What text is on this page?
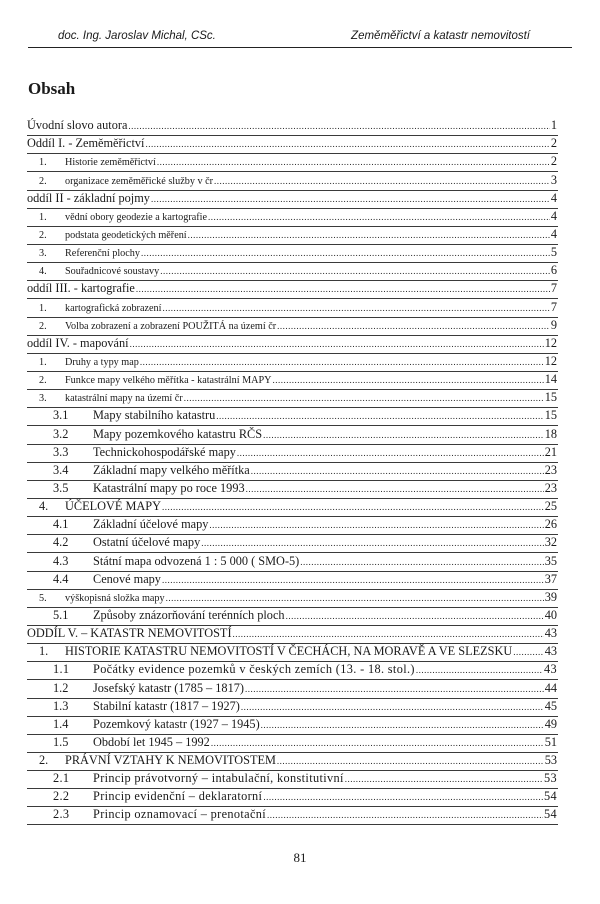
doc. Ing. Jaroslav Michal, CSc.	Zeměměřictví a katastr nemovitostí
Obsah
Úvodní slovo autora .....	1
Oddíl I. - Zeměměřictví .....	2
1.	Historie zeměměřictví .....	2
2.	organizace zeměměřické služby v čr .....	3
oddíl II - základní pojmy .....	4
1.	vědní obory geodezie a kartografie .....	4
2.	podstata geodetických měření .....	4
3.	Referenční plochy .....	5
4.	Souřadnicové soustavy .....	6
oddíl III. - kartografie .....	7
1.	kartografická zobrazení .....	7
2.	Volba zobrazení a zobrazení POUŽITÁ na území čr .....	9
oddíl IV. - mapování .....	12
1.	Druhy a typy map .....	12
2.	Funkce mapy velkého měřítka - katastrální MAPY .....	14
3.	katastrální mapy na území čr .....	15
3.1	Mapy stabilního katastru .....	15
3.2	Mapy pozemkového katastru RČS .....	18
3.3	Technickohospodářské mapy .....	21
3.4	Základní mapy velkého měřítka .....	23
3.5	Katastrální mapy po roce 1993 .....	23
4.	ÚČELOVÉ MAPY .....	25
4.1	Základní účelové mapy .....	26
4.2	Ostatní účelové mapy .....	32
4.3	Státní mapa odvozená 1 : 5 000 ( SMO-5) .....	35
4.4	Cenové mapy .....	37
5.	výškopisná složka mapy .....	39
5.1	Způsoby znázorňování terénních ploch .....	40
ODDÍL V. – KATASTR NEMOVITOSTÍ .....	43
1.	HISTORIE KATASTRU NEMOVITOSTÍ V ČECHÁCH, NA MORAVĚ A VE SLEZSKU .....	43
1.1	Počátky evidence pozemků v českých zemích (13. - 18. stol.) .....	43
1.2	Josefský katastr (1785 – 1817) .....	44
1.3	Stabilní katastr (1817 – 1927) .....	45
1.4	Pozemkový katastr (1927 – 1945) .....	49
1.5	Období let 1945 – 1992 .....	51
2.	PRÁVNÍ VZTAHY K NEMOVITOSTEM .....	53
2.1	Princip právotvorný – intabulační, konstitutivní .....	53
2.2	Princip evidenční – deklaratorní .....	54
2.3	Princip oznamovací – prenotační .....	54
81
